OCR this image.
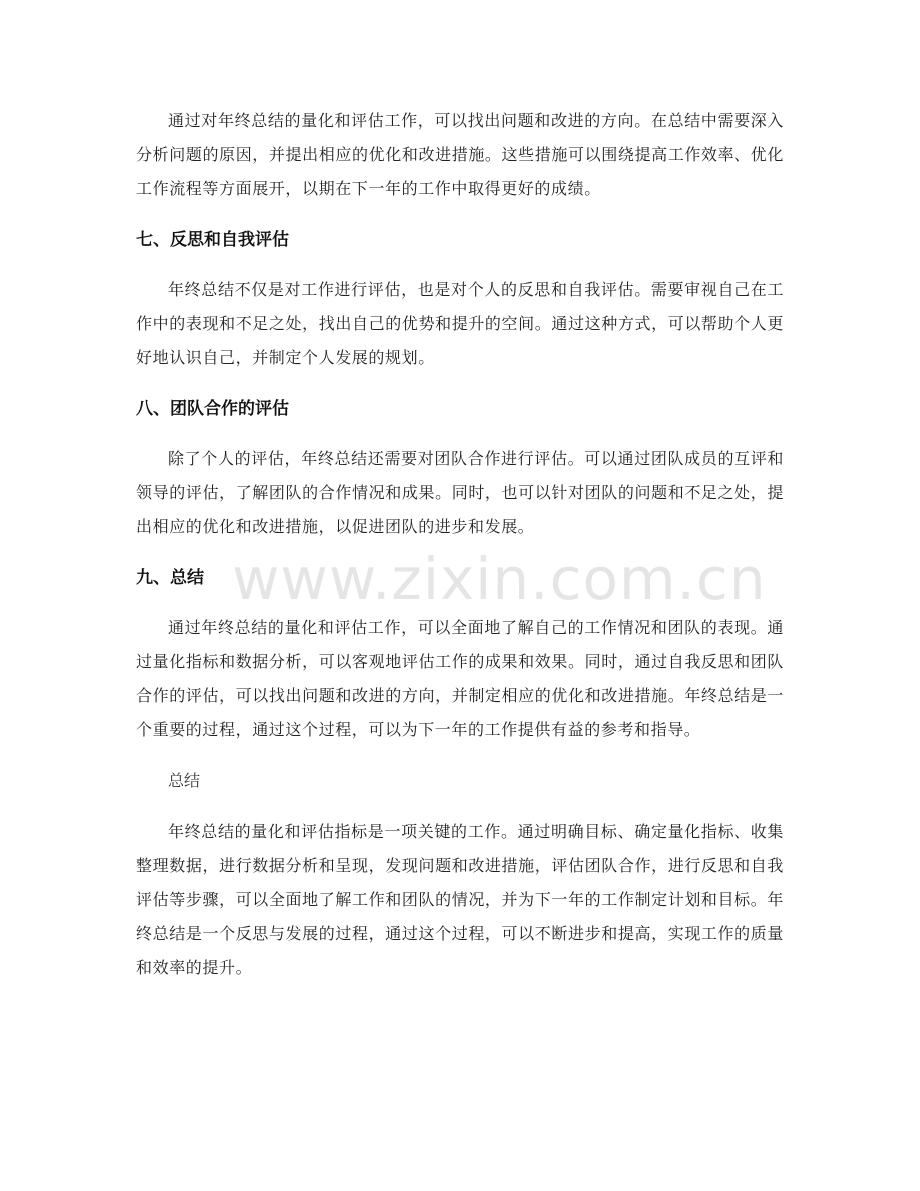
通过对年终总结的量化和评估工作，可以找出问题和改进的方向。在总结中需要深入分析问题的原因，并提出相应的优化和改进措施。这些措施可以围绕提高工作效率、优化工作流程等方面展开，以期在下一年的工作中取得更好的成绩。

七、反思和自我评估

年终总结不仅是对工作进行评估，也是对个人的反思和自我评估。需要审视自己在工作中的表现和不足之处，找出自己的优势和提升的空间。通过这种方式，可以帮助个人更好地认识自己，并制定个人发展的规划。

八、团队合作的评估

除了个人的评估，年终总结还需要对团队合作进行评估。可以通过团队成员的互评和领导的评估，了解团队的合作情况和成果。同时，也可以针对团队的问题和不足之处，提出相应的优化和改进措施，以促进团队的进步和发展。

九、总结

通过年终总结的量化和评估工作，可以全面地了解自己的工作情况和团队的表现。通过量化指标和数据分析，可以客观地评估工作的成果和效果。同时，通过自我反思和团队合作的评估，可以找出问题和改进的方向，并制定相应的优化和改进措施。年终总结是一个重要的过程，通过这个过程，可以为下一年的工作提供有益的参考和指导。

总结

年终总结的量化和评估指标是一项关键的工作。通过明确目标、确定量化指标、收集整理数据，进行数据分析和呈现，发现问题和改进措施，评估团队合作，进行反思和自我评估等步骤，可以全面地了解工作和团队的情况，并为下一年的工作制定计划和目标。年终总结是一个反思与发展的过程，通过这个过程，可以不断进步和提高，实现工作的质量和效率的提升。

www.zixin.com.cn
